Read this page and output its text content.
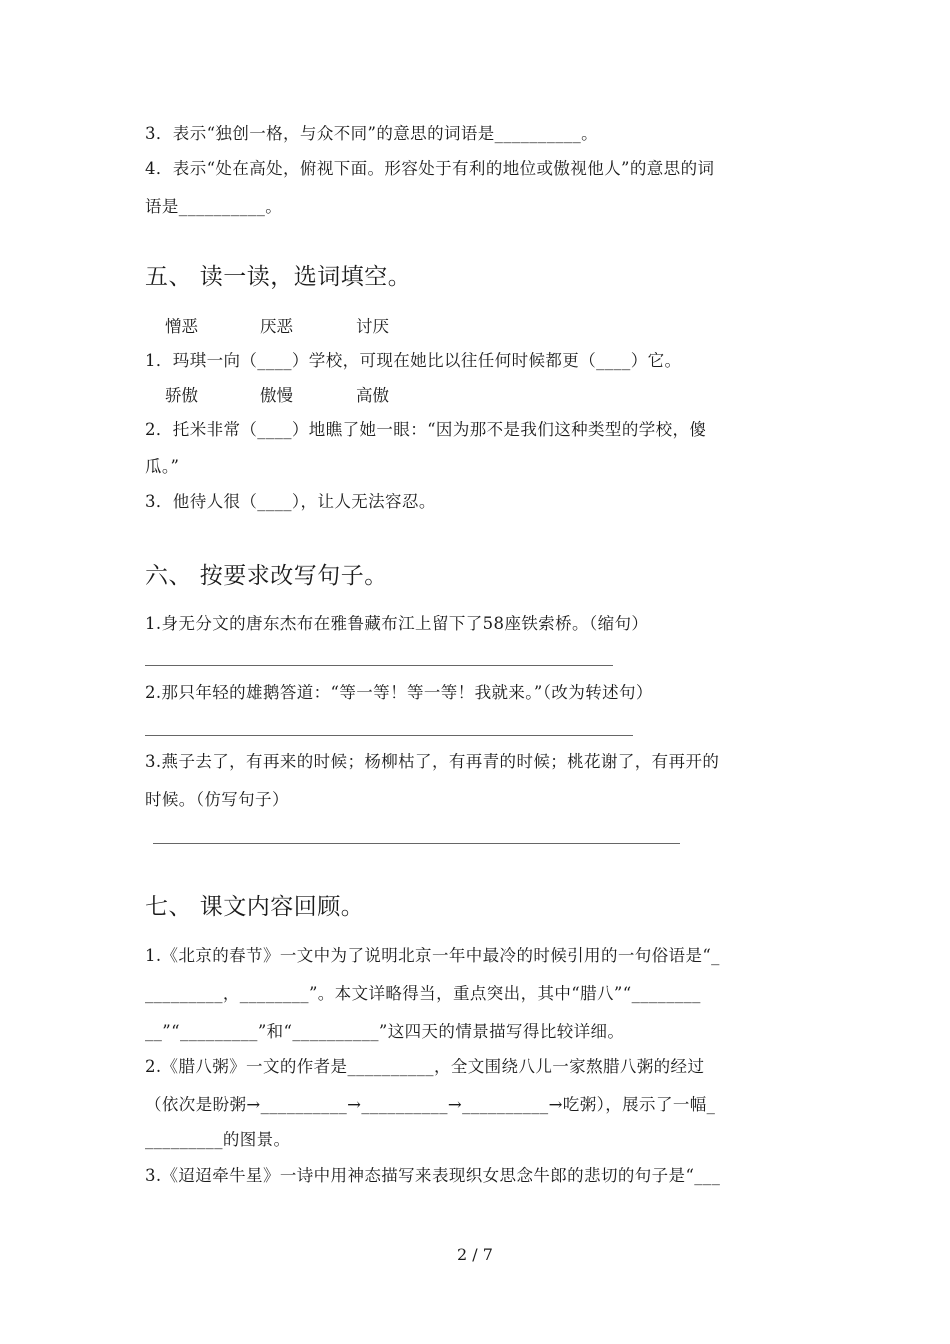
3．表示“独创一格，与众不同”的意思的词语是__________。
4．表示“处在高处，俯视下面。形容处于有利的地位或傲视他人”的意思的词
语是__________。
五、 读一读，选词填空。
憎恶	厌恶	讨厌
1．玛琪一向（____）学校，可现在她比以往任何时候都更（____）它。
骄傲	傲慢	高傲
2．托米非常（____）地瞧了她一眼：“因为那不是我们这种类型的学校，傻
瓜。”
3．他待人很（____），让人无法容忍。
六、 按要求改写句子。
1.身无分文的唐东杰布在雅鲁藏布江上留下了58座铁索桥。（缩句）
2.那只年轻的雄鹅答道：“等一等！等一等！我就来。”（改为转述句）
3.燕子去了，有再来的时候；杨柳枯了，有再青的时候；桃花谢了，有再开的
时候。（仿写句子）
七、 课文内容回顾。
1.《北京的春节》一文中为了说明北京一年中最冷的时候引用的一句俗语是“_
_________，________”。本文详略得当，重点突出，其中“腊八”“________
__”“_________”和“__________”这四天的情景描写得比较详细。
2.《腊八粥》一文的作者是__________，全文围绕八儿一家熬腊八粥的经过
（依次是盼粥→__________→__________→__________→吃粥），展示了一幅_
_________的图景。
3.《迢迢牵牛星》一诗中用神态描写来表现织女思念牛郎的悲切的句子是“___
2 / 7
